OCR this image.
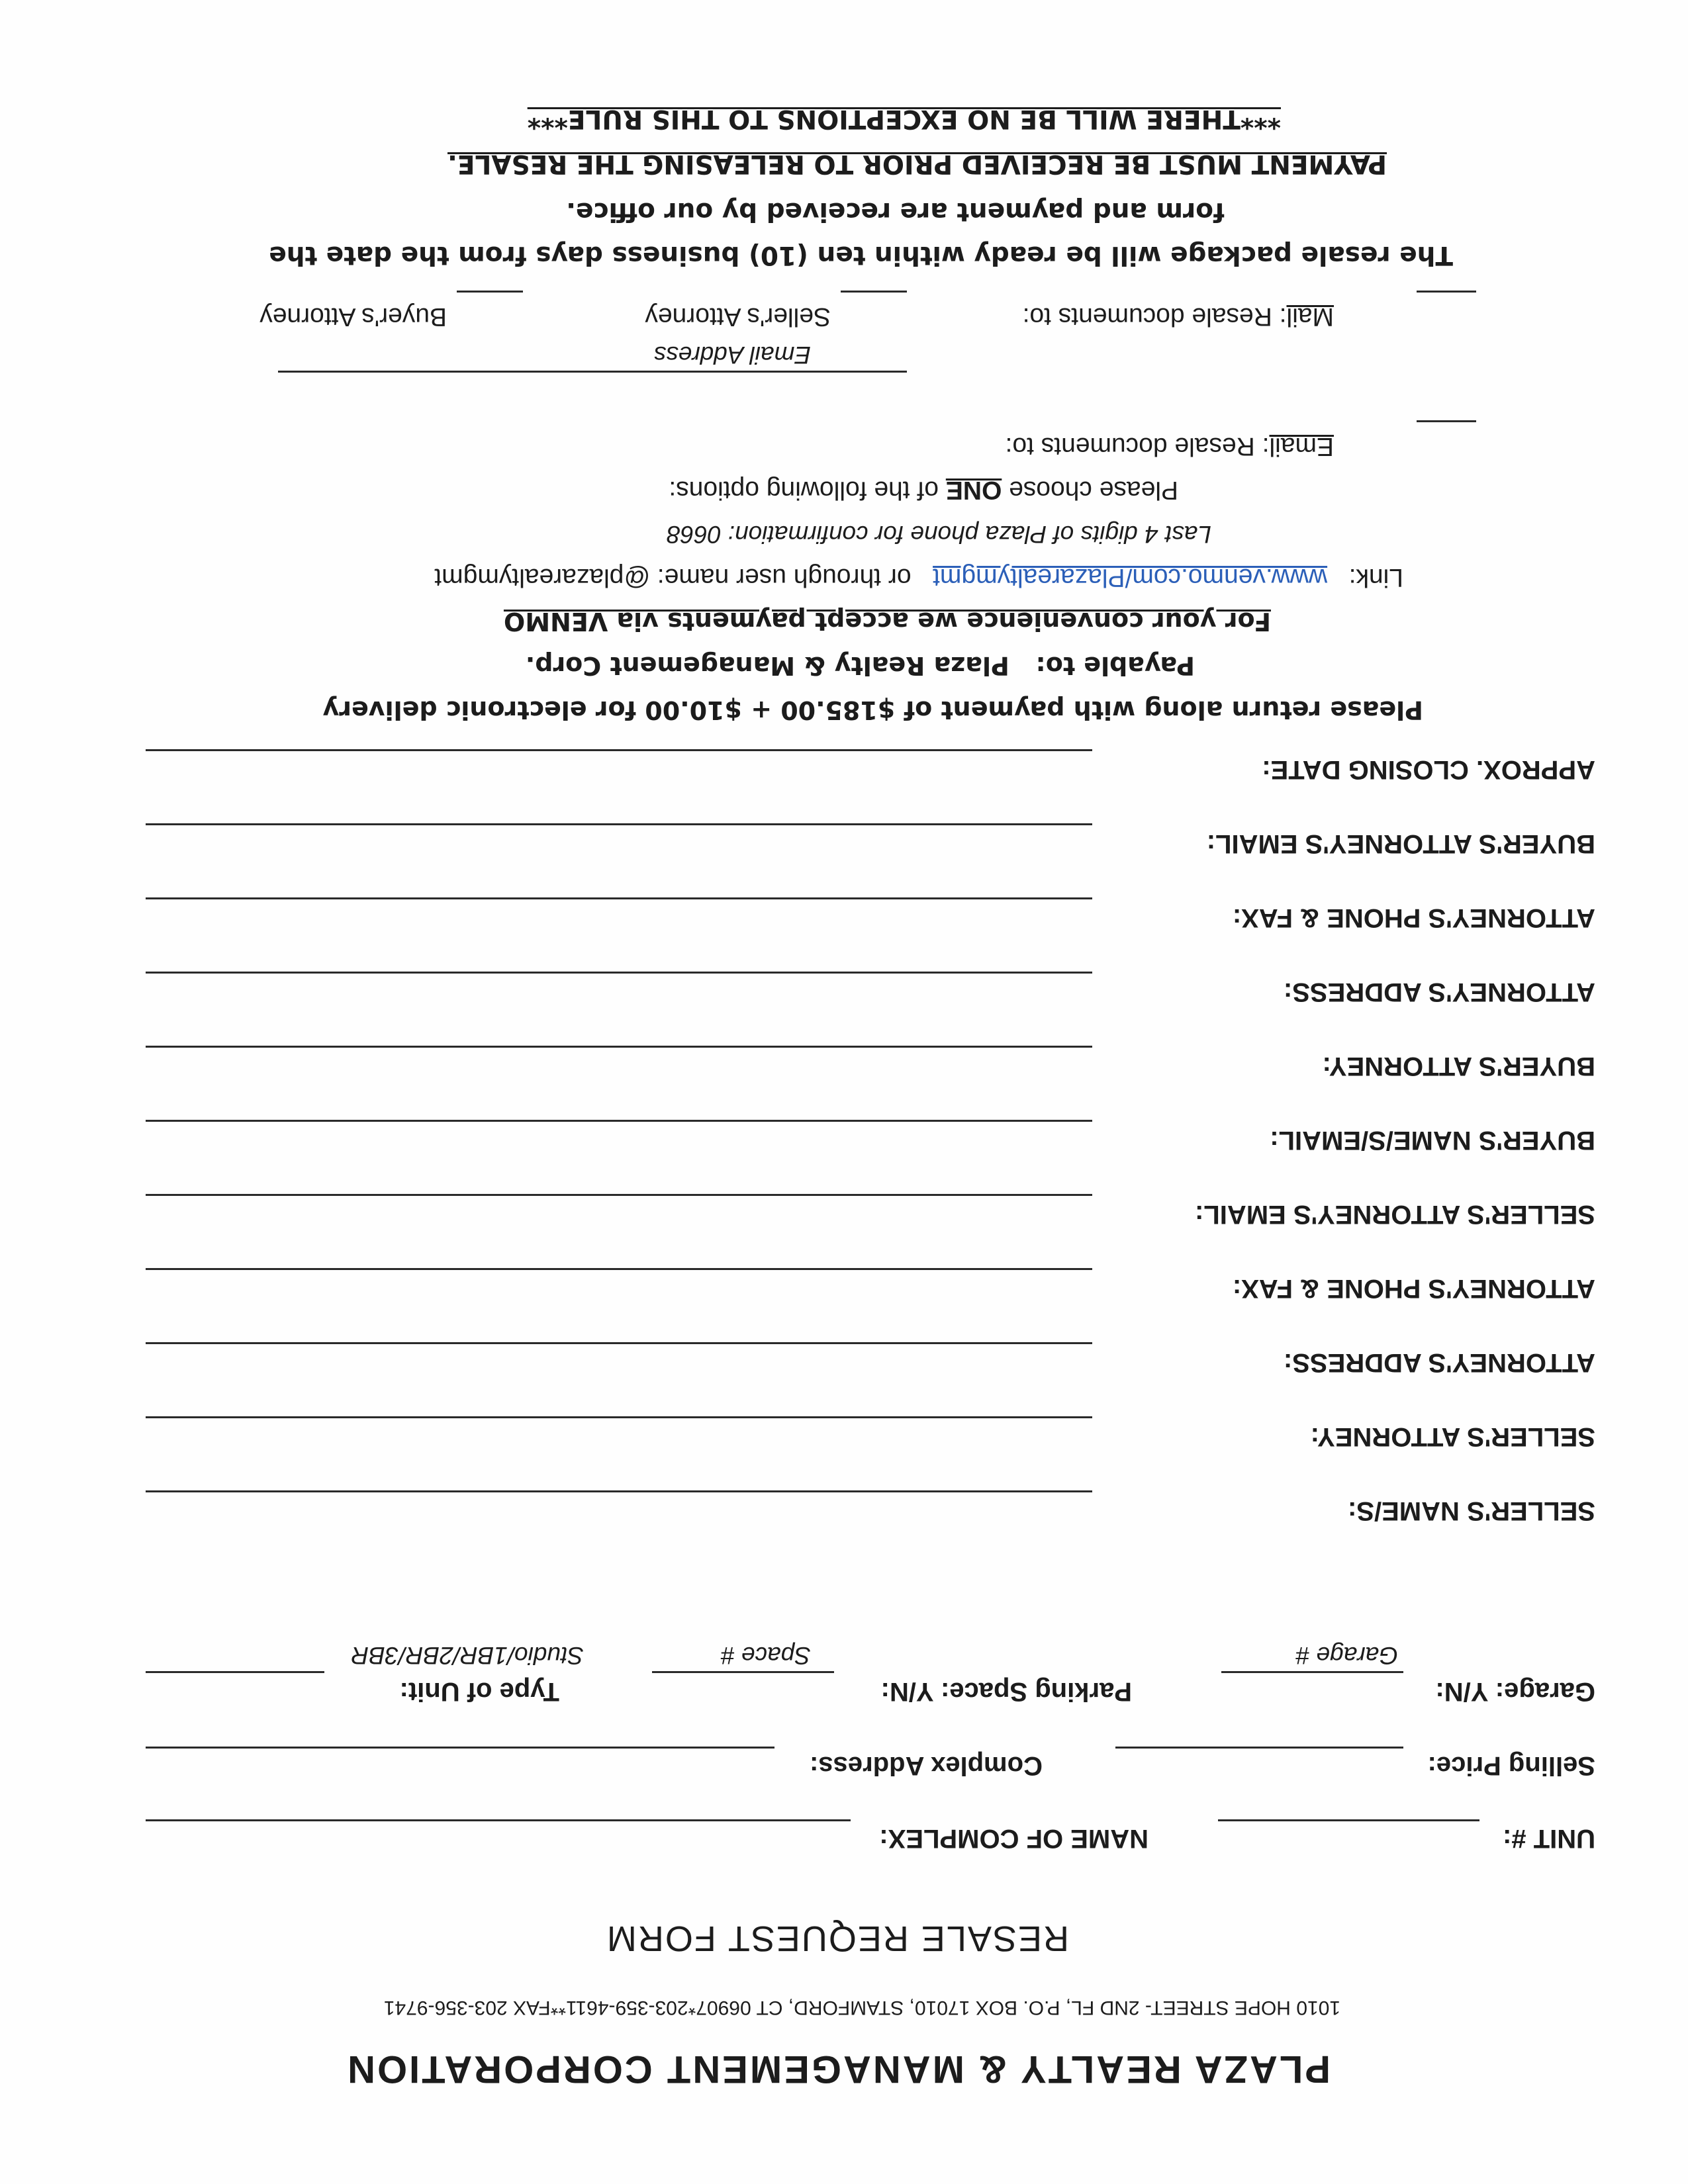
PLAZA REALTY & MANAGEMENT CORPORATION
1010 HOPE STREET- 2ND FL, P.O. BOX 17010, STAMFORD, CT 06907*203-359-4611**FAX 203-356-9741
RESALE REQUEST FORM
UNIT #:
NAME OF COMPLEX:
Selling Price:
Complex Address:
Garage: Y/N:
Garage #
Parking Space: Y/N:
Space #
Type of Unit:
Studio/1BR/2BR/3BR
SELLER'S NAME/S:
SELLER'S ATTORNEY:
ATTORNEY'S ADDRESS:
ATTORNEY'S PHONE & FAX:
SELLER'S ATTORNEY'S EMAIL:
BUYER'S NAME/S/EMAIL:
BUYER'S ATTORNEY:
ATTORNEY'S ADDRESS:
ATTORNEY'S PHONE & FAX:
BUYER'S ATTORNEY'S EMAIL:
APPROX. CLOSING DATE:
Please return along with payment of $185.00 + $10.00 for electronic delivery
Payable to:   Plaza Realty & Management Corp.
For your convenience we accept payments via VENMO
Link:   www.venmo.com/Plazarealtymgmt   or through user name: @plazarealtymgmt
Last 4 digits of Plaza phone for confirmation: 0668
Please choose ONE of the following options:
Email: Resale documents to:
Email Address
Mail: Resale documents to:
Seller's Attorney
Buyer's Attorney
The resale package will be ready within ten (10) business days from the date the
form and payment are received by our office.
PAYMENT MUST BE RECEIVED PRIOR TO RELEASING THE RESALE.
***THERE WILL BE NO EXCEPTIONS TO THIS RULE***
